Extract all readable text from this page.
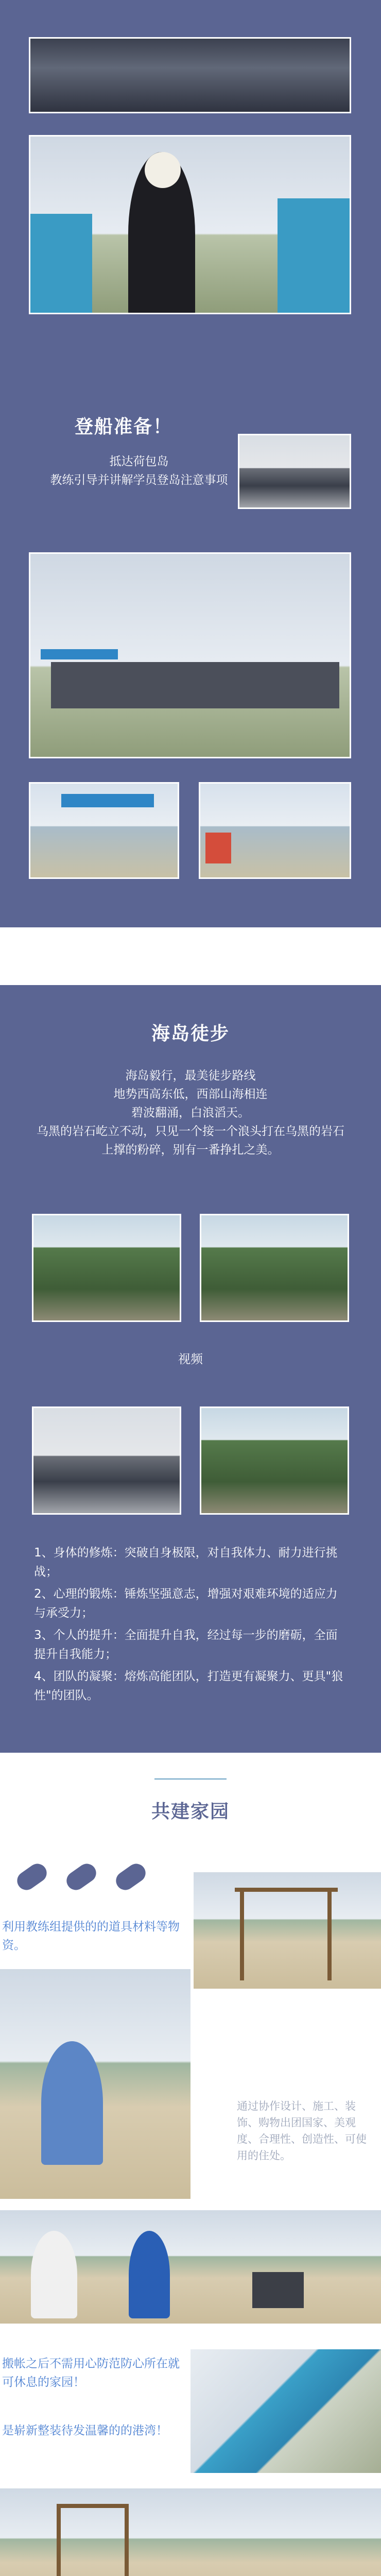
登船准备！
抵达荷包岛
教练引导并讲解学员登岛注意事项
海岛徒步
海岛毅行，最美徒步路线
地势西高东低，西部山海相连
碧波翻涌，白浪滔天。
乌黑的岩石屹立不动，只见一个接一个浪头打在乌黑的岩石上撑的粉碎，别有一番挣扎之美。
视频

1、身体的修炼：突破自身极限，对自我体力、耐力进行挑战；

2、心理的锻炼：锤炼坚强意志，增强对艰难环境的适应力与承受力；

3、个人的提升：全面提升自我，经过每一步的磨砺，全面提升自我能力；

4、团队的凝聚：熔炼高能团队，打造更有凝聚力、更具"狼性"的团队。

共建家园
利用教练组提供的的道具材料等物资。
通过协作设计、施工、装饰、购物出团国家、美观度、合理性、创造性、可使用的住处。
搬帐之后不需用心防范防心所在就可休息的家园！
是崭新整装待发温馨的的港湾！
